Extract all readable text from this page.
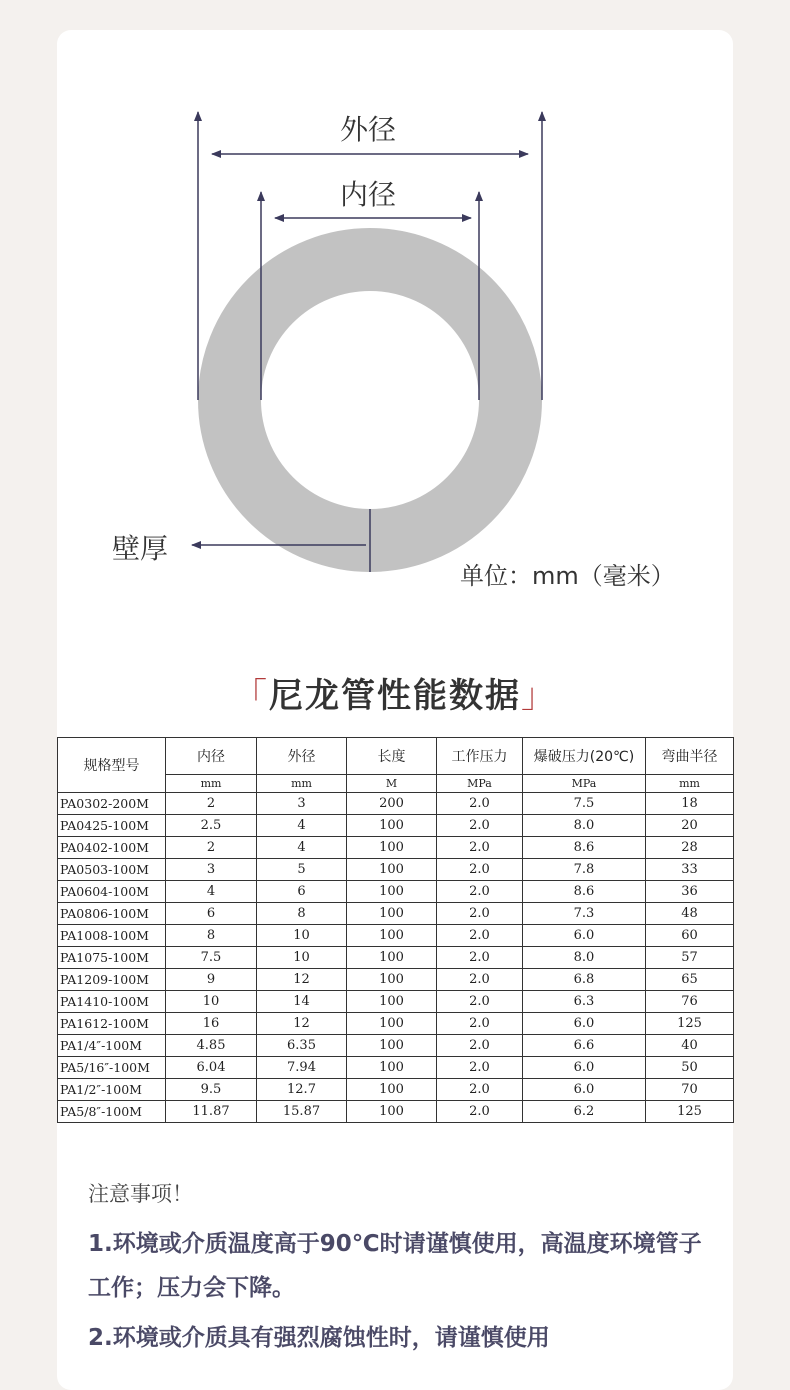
外径
内径
壁厚
单位：mm（毫米）
「尼龙管性能数据」
规格型号	内径	外径	长度	工作压力	爆破压力(20℃)	弯曲半径
	mm	mm	M	MPa	MPa	mm
PA0302-200M	2	3	200	2.0	7.5	18
PA0425-100M	2.5	4	100	2.0	8.0	20
PA0402-100M	2	4	100	2.0	8.6	28
PA0503-100M	3	5	100	2.0	7.8	33
PA0604-100M	4	6	100	2.0	8.6	36
PA0806-100M	6	8	100	2.0	7.3	48
PA1008-100M	8	10	100	2.0	6.0	60
PA1075-100M	7.5	10	100	2.0	8.0	57
PA1209-100M	9	12	100	2.0	6.8	65
PA1410-100M	10	14	100	2.0	6.3	76
PA1612-100M	16	12	100	2.0	6.0	125
PA1/4″-100M	4.85	6.35	100	2.0	6.6	40
PA5/16″-100M	6.04	7.94	100	2.0	6.0	50
PA1/2″-100M	9.5	12.7	100	2.0	6.0	70
PA5/8″-100M	11.87	15.87	100	2.0	6.2	125
注意事项！

1.环境或介质温度高于90℃时请谨慎使用，高温度环境管子工作；压力会下降。

2.环境或介质具有强烈腐蚀性时，请谨慎使用
